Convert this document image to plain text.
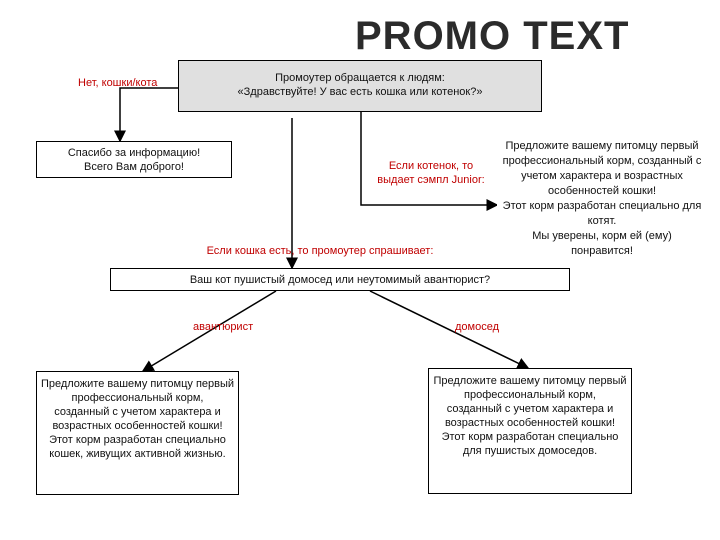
PROMO TEXT
Промоутер обращается к людям:
«Здравствуйте! У вас есть кошка или котенок?»
Нет, кошки/кота
Спасибо за информацию!
Всего Вам доброго!	Если котенок, то
выдает сэмпл Junior:
Предложите вашему питомцу первый профессиональный корм, созданный с учетом характера и возрастных особенностей кошки!
Этот корм разработан специально для котят.
Мы уверены, корм ей (ему) понравится!
Если кошка есть, то промоутер спрашивает:
Ваш кот пушистый домосед или неутомимый авантюрист?
авантюрист	домосед
Предложите вашему питомцу первый профессиональный корм,
созданный с учетом характера и возрастных особенностей кошки!
Этот корм разработан специально кошек, живущих активной жизнью.
Предложите вашему питомцу первый профессиональный корм,
созданный с учетом характера и возрастных особенностей кошки!
Этот корм разработан специально для пушистых домоседов.
